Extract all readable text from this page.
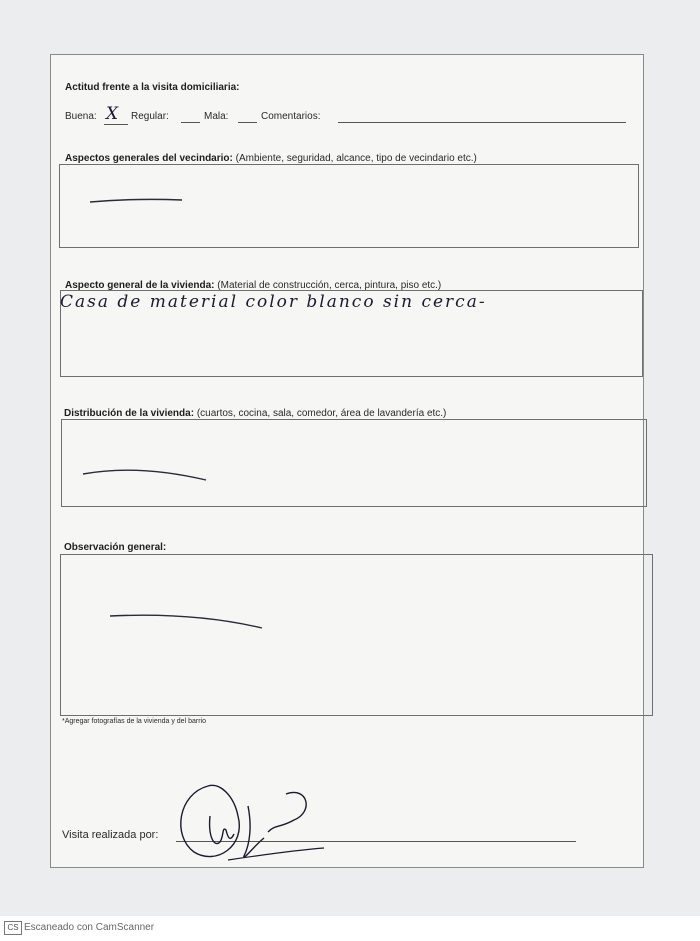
Actitud frente a la visita domiciliaria:
Buena: X Regular:	Mala:	Comentarios:
Aspectos generales del vecindario: (Ambiente, seguridad, alcance, tipo de vecindario etc.)
Aspecto general de la vivienda: (Material de construcción, cerca, pintura, piso etc.)
Casa de material color blanco sin cerca-
Distribución de la vivienda: (cuartos, cocina, sala, comedor, área de lavandería etc.)
Observación general:
*Agregar fotografías de la vivienda y del barrio
Visita realizada por:
CS Escaneado con CamScanner
